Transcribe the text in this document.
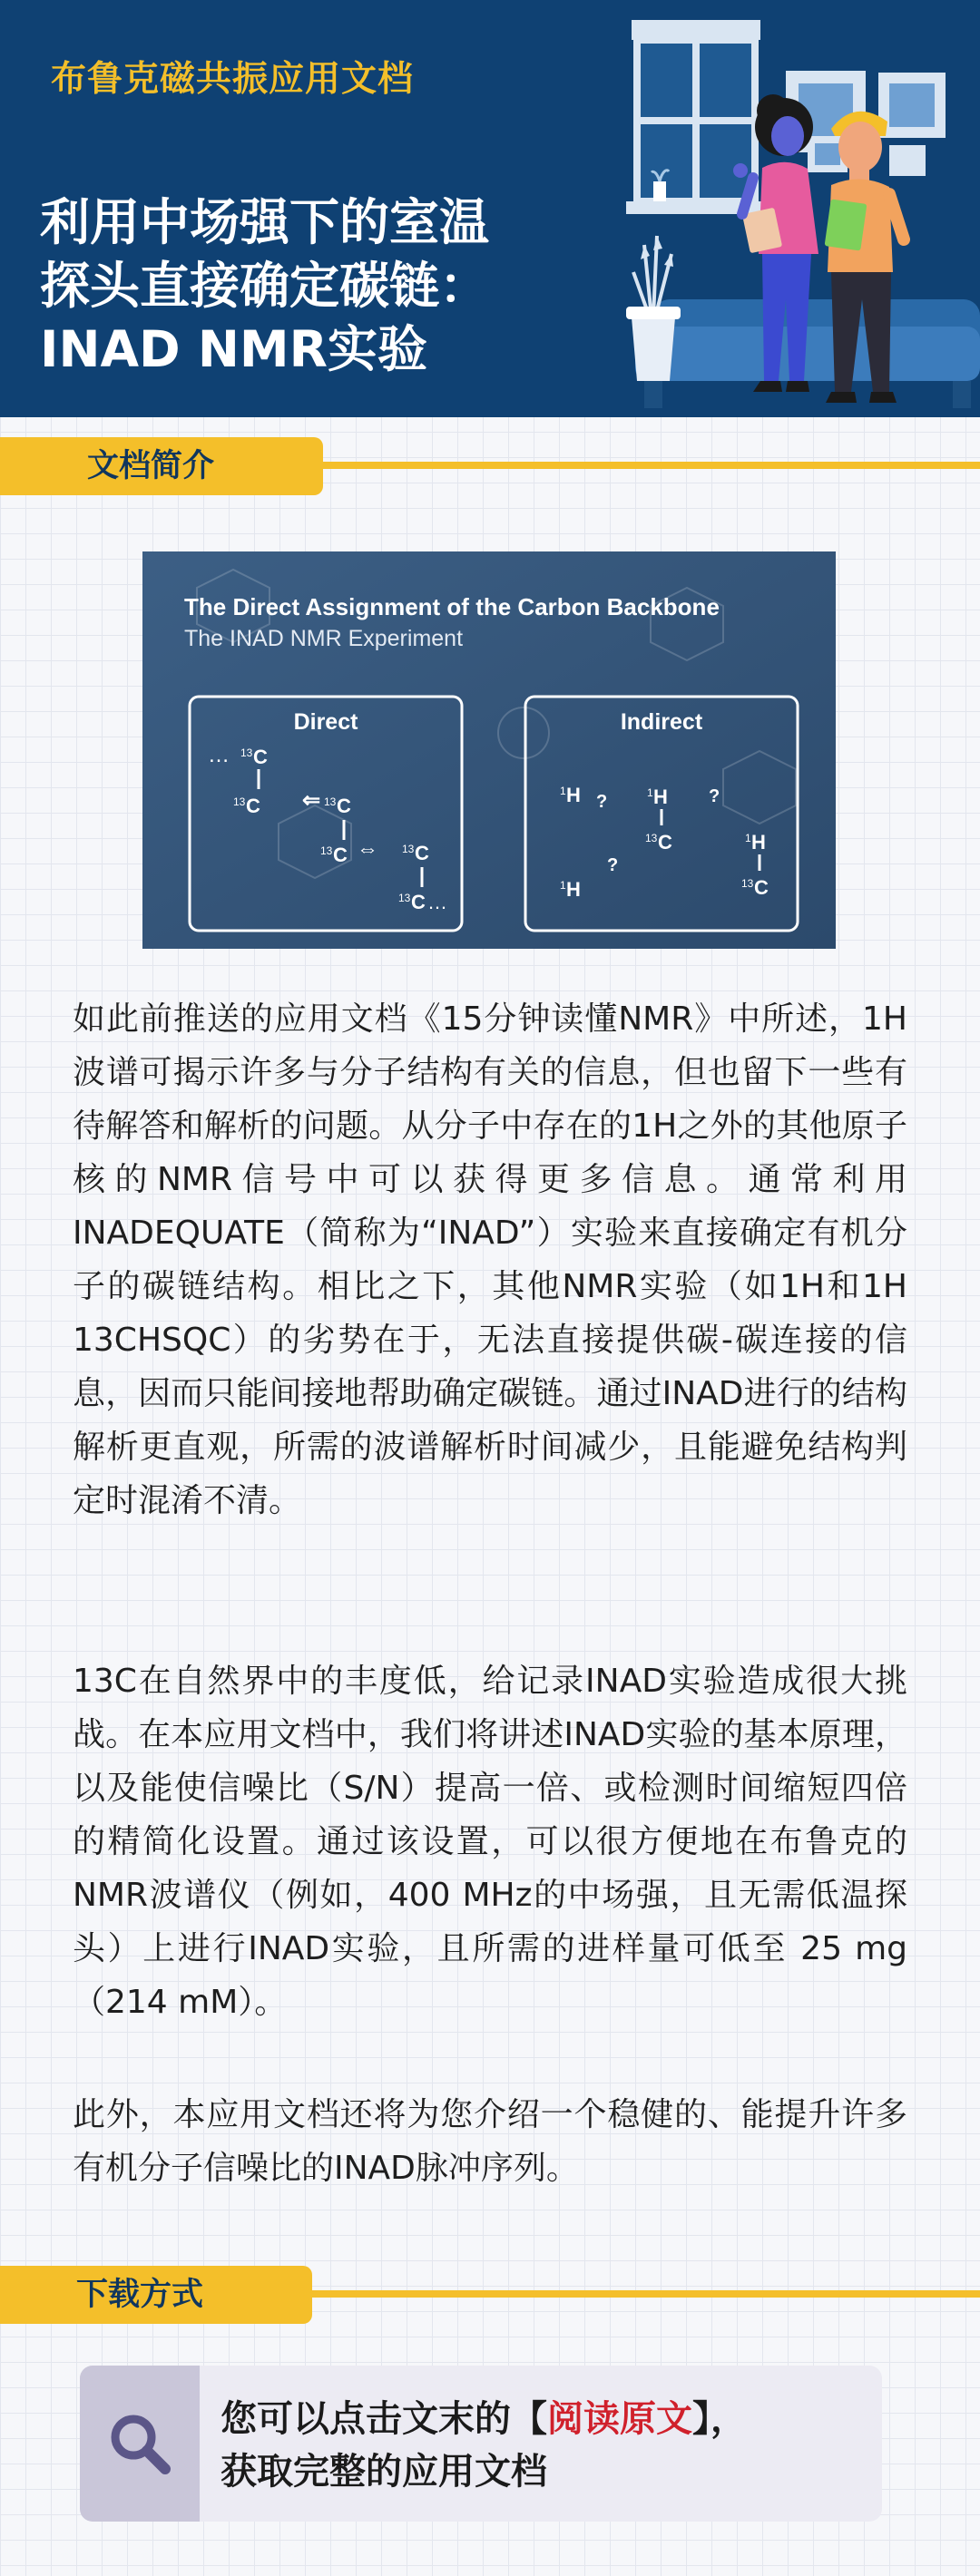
布鲁克磁共振应用文档
利用中场强下的室温
探头直接确定碳链：
INAD NMR实验
文档简介
The Direct Assignment of the Carbon Backbone
The INAD NMR Experiment
Direct
… 13 C
13 C ⇐ 13 C
13 C ⇔ 13 C
13 C …
Indirect
1 H ?	1 H
13 C
?
1 H
13 C
?
1 H
如此前推送的应用文档《15分钟读懂NMR》中所述，1H波谱可揭示许多与分子结构有关的信息，但也留下一些有待解答和解析的问题。从分子中存在的1H之外的其他原子核的NMR信号中可以获得更多信息。通常利用INADEQUATE（简称为“INAD”）实验来直接确定有机分子的碳链结构。相比之下，其他NMR实验（如1H和1H 13CHSQC）的劣势在于，无法直接提供碳-碳连接的信息，因而只能间接地帮助确定碳链。通过INAD进行的结构解析更直观，所需的波谱解析时间减少，且能避免结构判定时混淆不清。
13C在自然界中的丰度低，给记录INAD实验造成很大挑战。在本应用文档中，我们将讲述INAD实验的基本原理，以及能使信噪比（S/N）提高一倍、或检测时间缩短四倍的精简化设置。通过该设置，可以很方便地在布鲁克的NMR波谱仪（例如，400 MHz的中场强，且无需低温探头）上进行INAD实验，且所需的进样量可低至 25 mg（214 mM）。
此外，本应用文档还将为您介绍一个稳健的、能提升许多有机分子信噪比的INAD脉冲序列。
下载方式
您可以点击文末的【阅读原文】，
获取完整的应用文档
